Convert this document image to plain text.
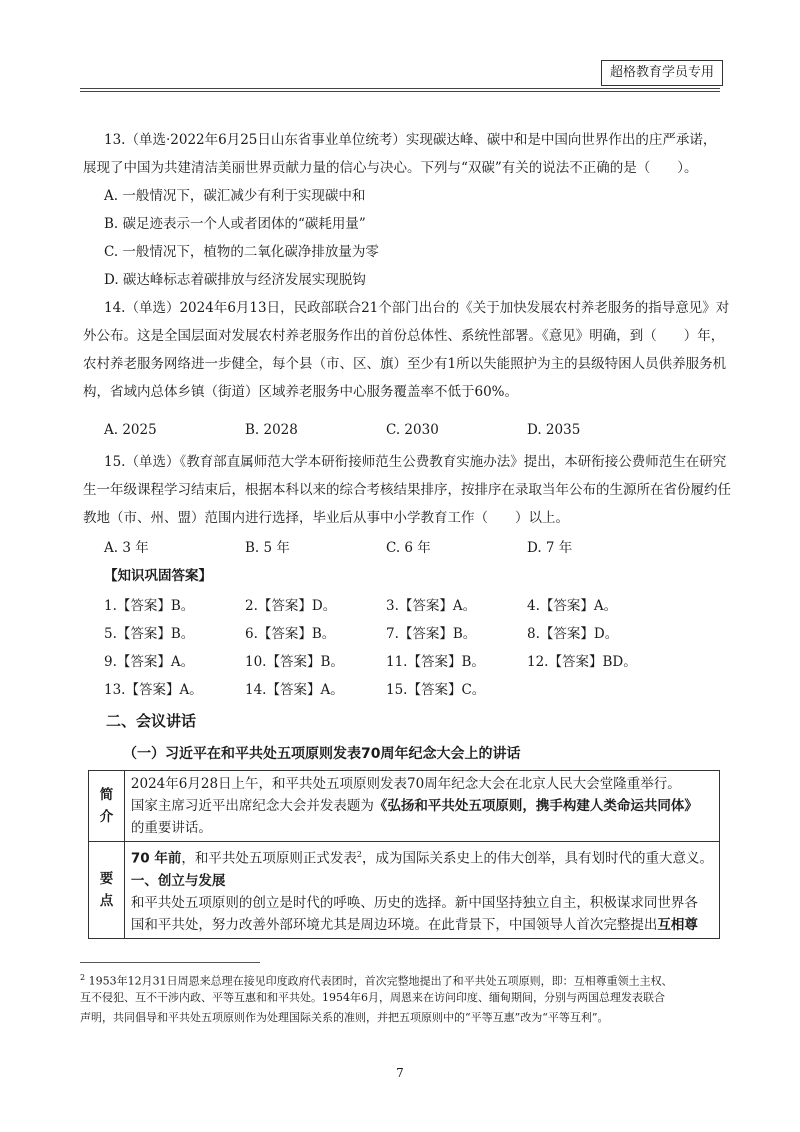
超格教育学员专用
13.（单选·2022年6月25日山东省事业单位统考）实现碳达峰、碳中和是中国向世界作出的庄严承诺，
展现了中国为共建清洁美丽世界贡献力量的信心与决心。下列与“双碳”有关的说法不正确的是（　　）。
A. 一般情况下，碳汇减少有利于实现碳中和
B. 碳足迹表示一个人或者团体的“碳耗用量”
C. 一般情况下，植物的二氧化碳净排放量为零
D. 碳达峰标志着碳排放与经济发展实现脱钩
14.（单选）2024年6月13日，民政部联合21个部门出台的《关于加快发展农村养老服务的指导意见》对
外公布。这是全国层面对发展农村养老服务作出的首份总体性、系统性部署。《意见》明确，到（　　）年，
农村养老服务网络进一步健全，每个县（市、区、旗）至少有1所以失能照护为主的县级特困人员供养服务机
构，省域内总体乡镇（街道）区域养老服务中心服务覆盖率不低于60%。
A. 2025	B. 2028	C. 2030	D. 2035
15.（单选）《教育部直属师范大学本研衔接师范生公费教育实施办法》提出，本研衔接公费师范生在研究
生一年级课程学习结束后，根据本科以来的综合考核结果排序，按排序在录取当年公布的生源所在省份履约任
教地（市、州、盟）范围内进行选择，毕业后从事中小学教育工作（　　）以上。
A. 3 年	B. 5 年	C. 6 年	D. 7 年
【知识巩固答案】
1.【答案】B。	2.【答案】D。	3.【答案】A。	4.【答案】A。
5.【答案】B。	6.【答案】B。	7.【答案】B。	8.【答案】D。
9.【答案】A。	10.【答案】B。	11.【答案】B。	12.【答案】BD。
13.【答案】A。	14.【答案】A。	15.【答案】C。
二、会议讲话
（一）习近平在和平共处五项原则发表70周年纪念大会上的讲话
简介	2024年6月28日上午，和平共处五项原则发表70周年纪念大会在北京人民大会堂隆重举行。
国家主席习近平出席纪念大会并发表题为《弘扬和平共处五项原则，携手构建人类命运共同体》
的重要讲话。

要点	70 年前，和平共处五项原则正式发表$^2$，成为国际关系史上的伟大创举，具有划时代的重大意义。
一、创立与发展
和平共处五项原则的创立是时代的呼唤、历史的选择。新中国坚持独立自主，积极谋求同世界各
国和平共处，努力改善外部环境尤其是周边环境。在此背景下，中国领导人首次完整提出互相尊
$^2$ 1953年12月31日周恩来总理在接见印度政府代表团时，首次完整地提出了和平共处五项原则，即：互相尊重领土主权、
互不侵犯、互不干涉内政、平等互惠和和平共处。1954年6月，周恩来在访问印度、缅甸期间，分别与两国总理发表联合
声明，共同倡导和平共处五项原则作为处理国际关系的准则，并把五项原则中的“平等互惠”改为“平等互利”。
7
